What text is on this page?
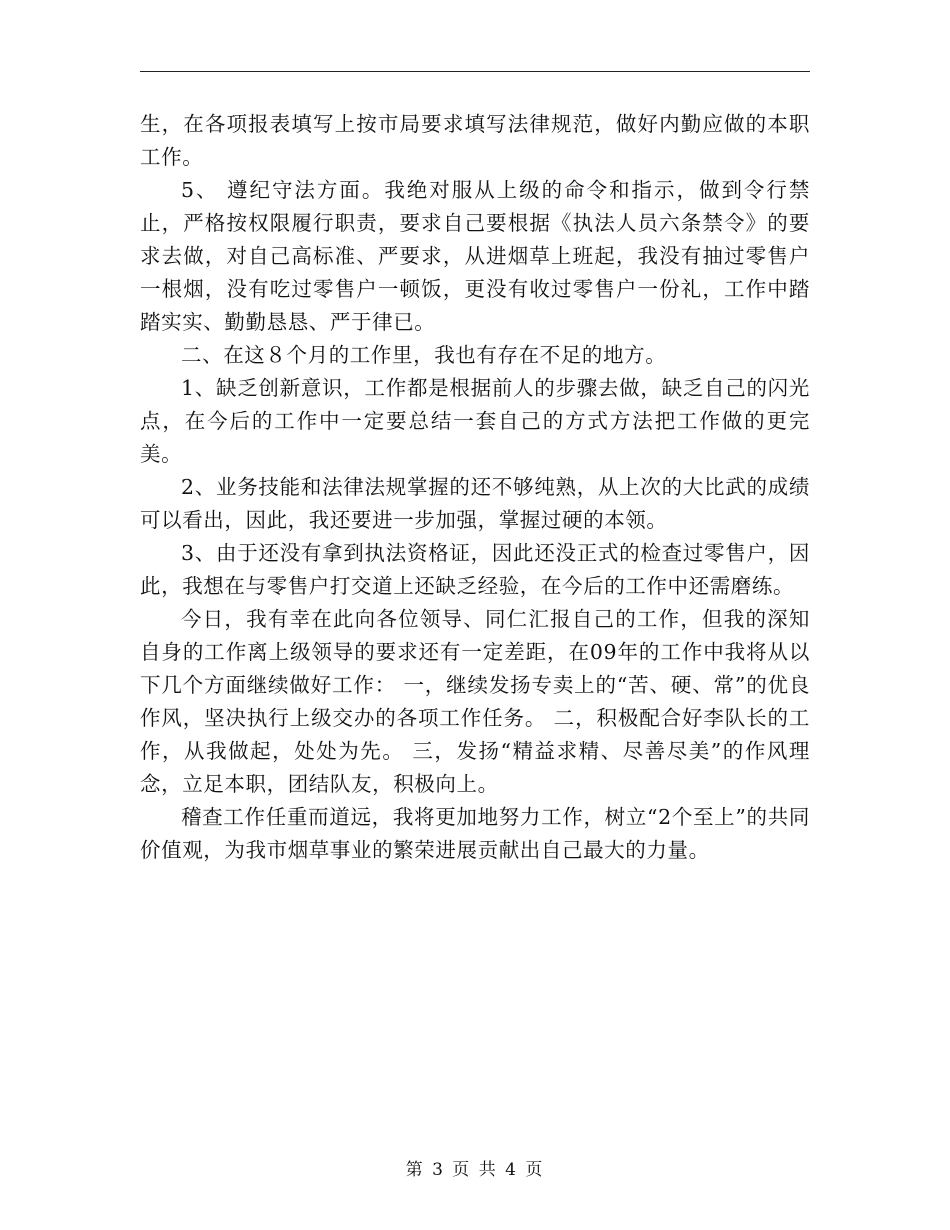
生，在各项报表填写上按市局要求填写法律规范，做好内勤应做的本职工作。

5、 遵纪守法方面。我绝对服从上级的命令和指示，做到令行禁止，严格按权限履行职责，要求自己要根据《执法人员六条禁令》的要求去做，对自己高标准、严要求，从进烟草上班起，我没有抽过零售户一根烟，没有吃过零售户一顿饭，更没有收过零售户一份礼，工作中踏踏实实、勤勤恳恳、严于律已。

二、在这８个月的工作里，我也有存在不足的地方。

1、缺乏创新意识，工作都是根据前人的步骤去做，缺乏自己的闪光点，在今后的工作中一定要总结一套自己的方式方法把工作做的更完美。

2、业务技能和法律法规掌握的还不够纯熟，从上次的大比武的成绩可以看出，因此，我还要进一步加强，掌握过硬的本领。

3、由于还没有拿到执法资格证，因此还没正式的检查过零售户，因此，我想在与零售户打交道上还缺乏经验，在今后的工作中还需磨练。

今日，我有幸在此向各位领导、同仁汇报自己的工作，但我的深知自身的工作离上级领导的要求还有一定差距，在09年的工作中我将从以下几个方面继续做好工作： 一，继续发扬专卖上的“苦、硬、常”的优良作风，坚决执行上级交办的各项工作任务。 二，积极配合好李队长的工作，从我做起，处处为先。 三，发扬“精益求精、尽善尽美”的作风理念，立足本职，团结队友，积极向上。

稽查工作任重而道远，我将更加地努力工作，树立“2个至上”的共同价值观，为我市烟草事业的繁荣进展贡献出自己最大的力量。

第 3 页 共 4 页
